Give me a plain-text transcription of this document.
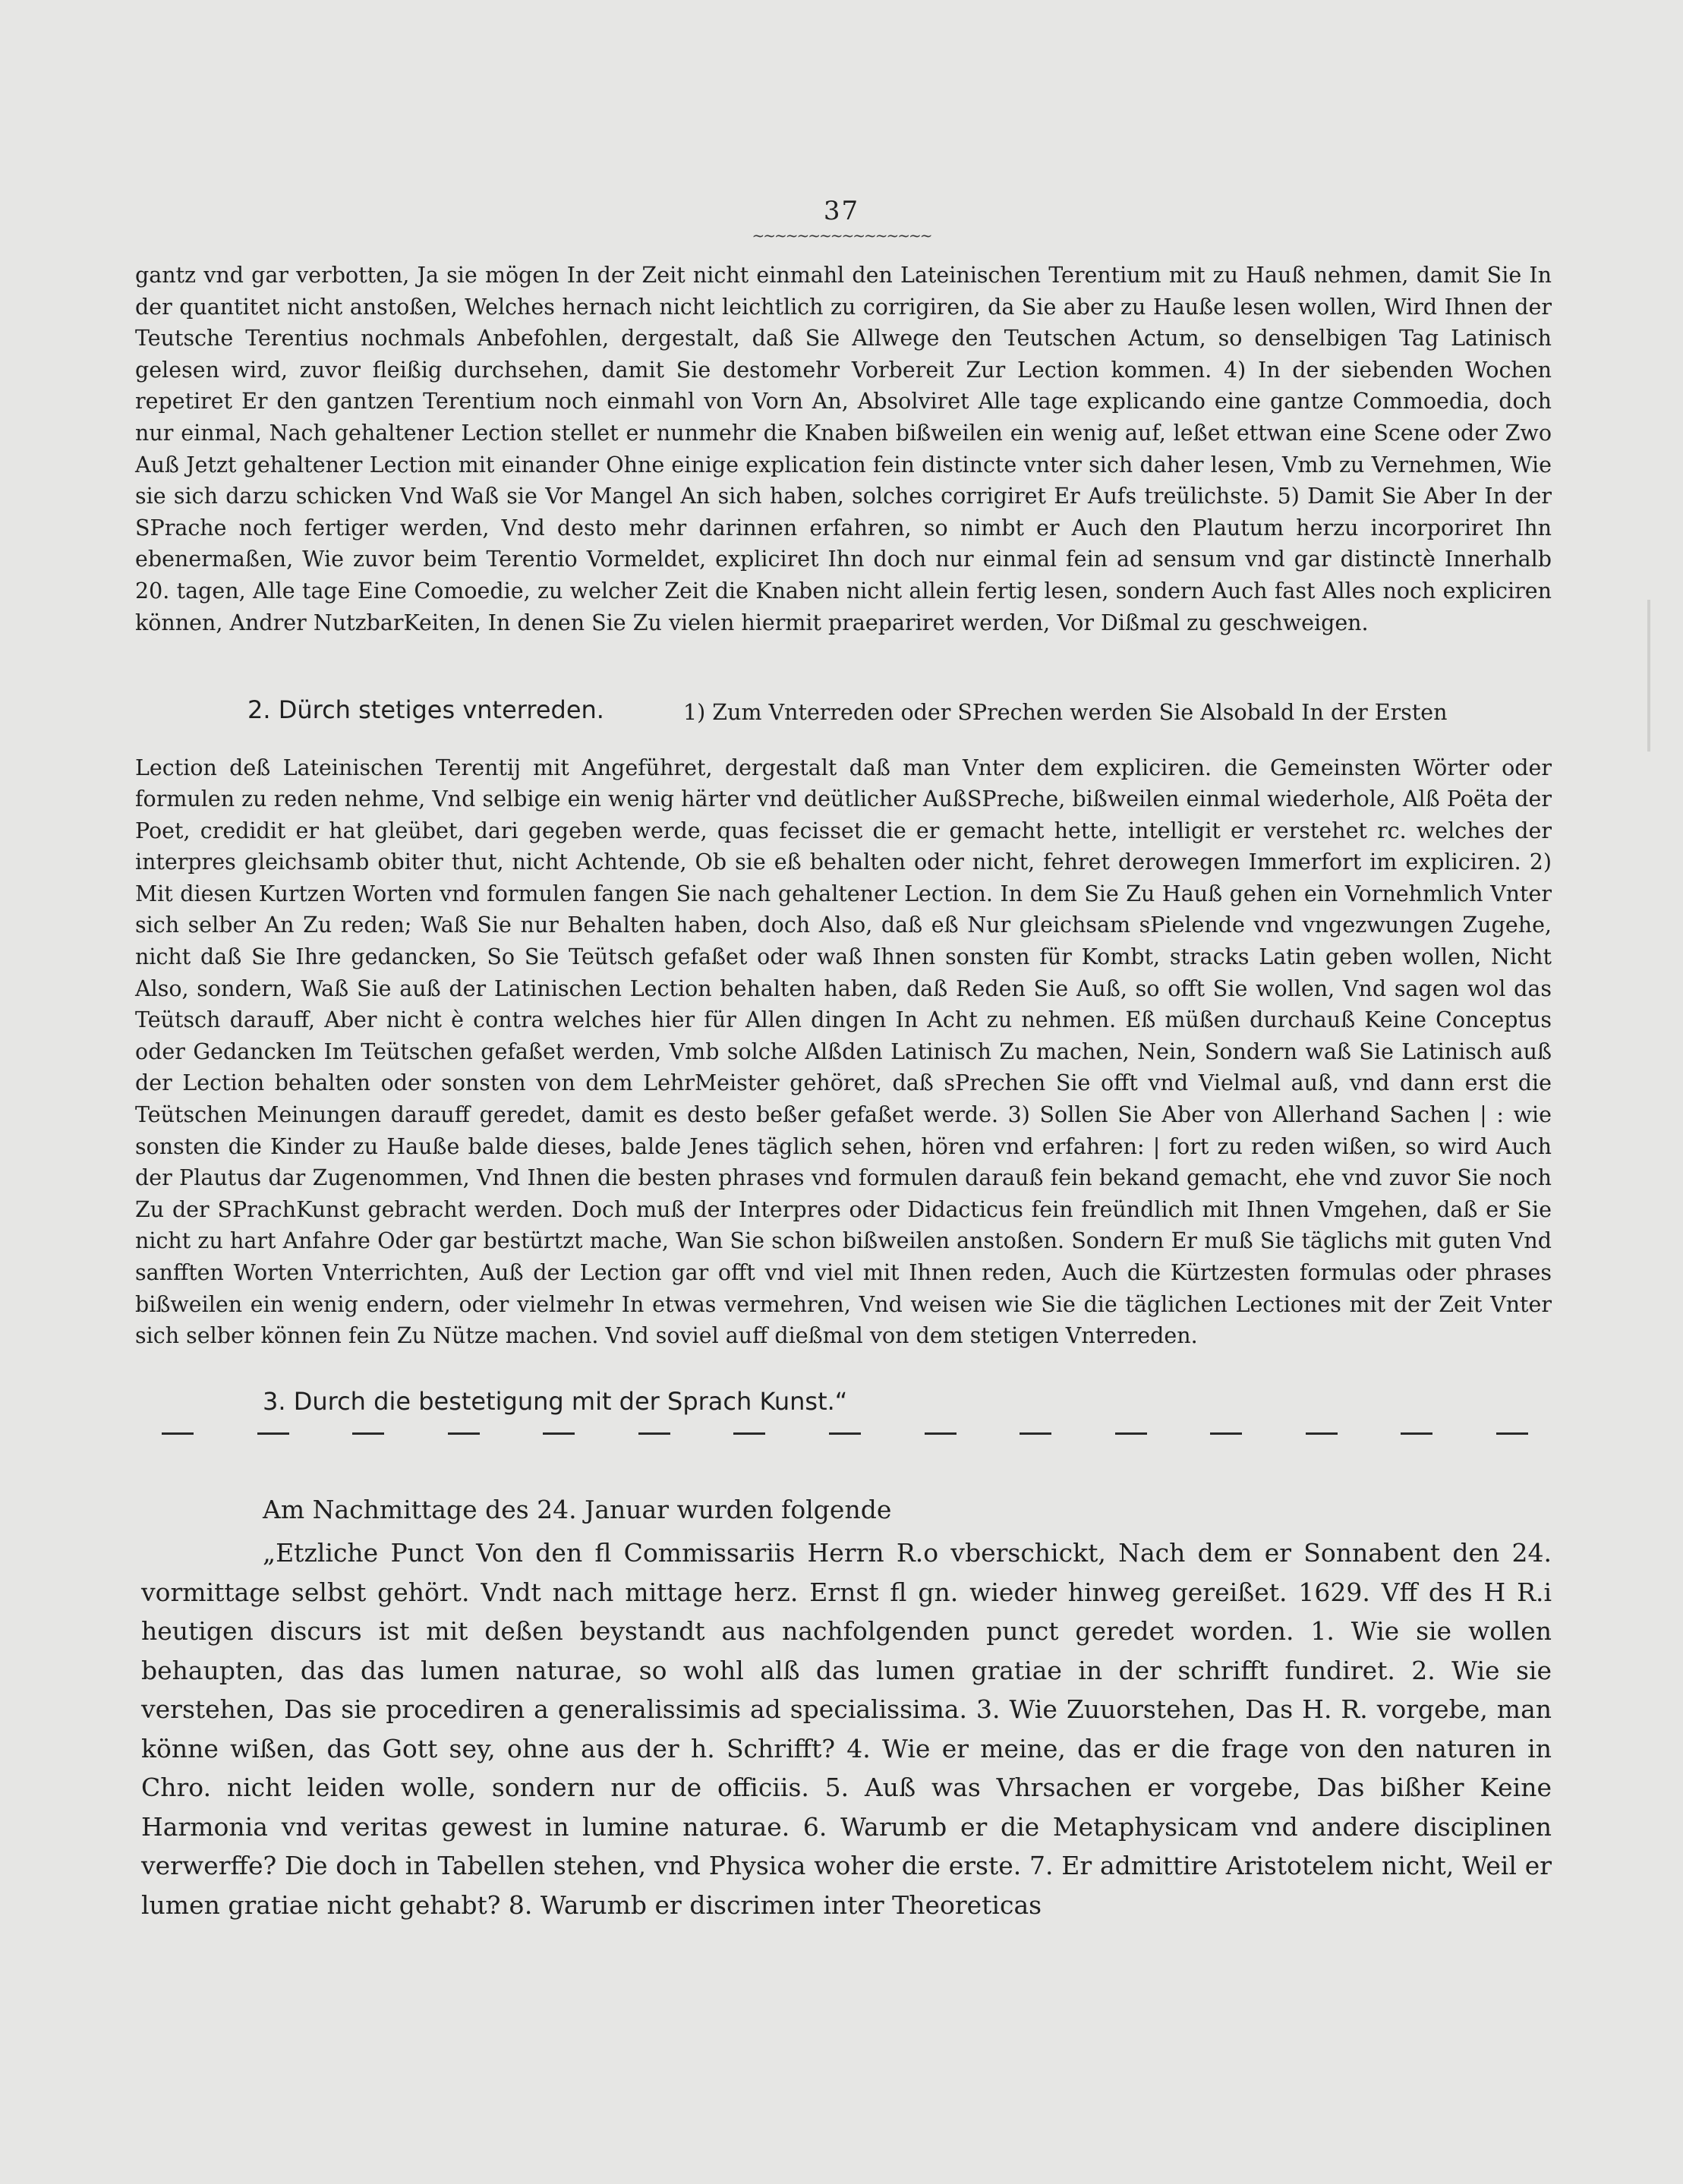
37
~~~~~~~~~~~~~~~~

gantz vnd gar verbotten, Ja sie mögen In der Zeit nicht einmahl den Lateinischen Terentium mit zu Hauß nehmen, damit Sie In der quantitet nicht anstoßen, Welches hernach nicht leichtlich zu corrigiren, da Sie aber zu Hauße lesen wollen, Wird Ihnen der Teutsche Terentius nochmals Anbefohlen, dergestalt, daß Sie Allwege den Teutschen Actum, so denselbigen Tag Latinisch gelesen wird, zuvor fleißig durchsehen, damit Sie destomehr Vorbereit Zur Lection kommen. 4) In der siebenden Wochen repetiret Er den gantzen Terentium noch einmahl von Vorn An, Absolviret Alle tage explicando eine gantze Commoedia, doch nur einmal, Nach gehaltener Lection stellet er nunmehr die Knaben bißweilen ein wenig auf, leßet ettwan eine Scene oder Zwo Auß Jetzt gehaltener Lection mit einander Ohne einige explication fein distincte vnter sich daher lesen, Vmb zu Vernehmen, Wie sie sich darzu schicken Vnd Waß sie Vor Mangel An sich haben, solches corrigiret Er Aufs treülichste. 5) Damit Sie Aber In der SPrache noch fertiger werden, Vnd desto mehr darinnen erfahren, so nimbt er Auch den Plautum herzu incorporiret Ihn ebenermaßen, Wie zuvor beim Terentio Vormeldet, expliciret Ihn doch nur einmal fein ad sensum vnd gar distinctè Innerhalb 20. tagen, Alle tage Eine Comoedie, zu welcher Zeit die Knaben nicht allein fertig lesen, sondern Auch fast Alles noch expliciren können, Andrer NutzbarKeiten, In denen Sie Zu vielen hiermit praepariret werden, Vor Dißmal zu geschweigen.

2. Dürch stetiges vnterreden.	1) Zum Vnterreden oder SPrechen werden Sie Alsobald In der Ersten

Lection deß Lateinischen Terentij mit Angeführet, dergestalt daß man Vnter dem expliciren. die Gemeinsten Wörter oder formulen zu reden nehme, Vnd selbige ein wenig härter vnd deütlicher AußSPreche, bißweilen einmal wiederhole, Alß Poëta der Poet, credidit er hat gleübet, dari gegeben werde, quas fecisset die er gemacht hette, intelligit er verstehet rc. welches der interpres gleichsamb obiter thut, nicht Achtende, Ob sie eß behalten oder nicht, fehret derowegen Immerfort im expliciren. 2) Mit diesen Kurtzen Worten vnd formulen fangen Sie nach gehaltener Lection. In dem Sie Zu Hauß gehen ein Vornehmlich Vnter sich selber An Zu reden; Waß Sie nur Behalten haben, doch Also, daß eß Nur gleichsam sPielende vnd vngezwungen Zugehe, nicht daß Sie Ihre gedancken, So Sie Teütsch gefaßet oder waß Ihnen sonsten für Kombt, stracks Latin geben wollen, Nicht Also, sondern, Waß Sie auß der Latinischen Lection behalten haben, daß Reden Sie Auß, so offt Sie wollen, Vnd sagen wol das Teütsch darauff, Aber nicht è contra welches hier für Allen dingen In Acht zu nehmen. Eß müßen durchauß Keine Conceptus oder Gedancken Im Teütschen gefaßet werden, Vmb solche Alßden Latinisch Zu machen, Nein, Sondern waß Sie Latinisch auß der Lection behalten oder sonsten von dem LehrMeister gehöret, daß sPrechen Sie offt vnd Vielmal auß, vnd dann erst die Teütschen Meinungen darauff geredet, damit es desto beßer gefaßet werde. 3) Sollen Sie Aber von Allerhand Sachen | : wie sonsten die Kinder zu Hauße balde dieses, balde Jenes täglich sehen, hören vnd erfahren: | fort zu reden wißen, so wird Auch der Plautus dar Zugenommen, Vnd Ihnen die besten phrases vnd formulen darauß fein bekand gemacht, ehe vnd zuvor Sie noch Zu der SPrachKunst gebracht werden. Doch muß der Interpres oder Didacticus fein freündlich mit Ihnen Vmgehen, daß er Sie nicht zu hart Anfahre Oder gar bestürtzt mache, Wan Sie schon bißweilen anstoßen. Sondern Er muß Sie täglichs mit guten Vnd sanfften Worten Vnterrichten, Auß der Lection gar offt vnd viel mit Ihnen reden, Auch die Kürtzesten formulas oder phrases bißweilen ein wenig endern, oder vielmehr In etwas vermehren, Vnd weisen wie Sie die täglichen Lectiones mit der Zeit Vnter sich selber können fein Zu Nütze machen. Vnd soviel auff dießmal von dem stetigen Vnterreden.

3. Durch die bestetigung mit der Sprach Kunst.“
Am Nachmittage des 24. Januar wurden folgende

„Etzliche Punct Von den fl Commissariis Herrn R.o vberschickt, Nach dem er Sonnabent den 24. vormittage selbst gehört. Vndt nach mittage herz. Ernst fl gn. wieder hinweg gereißet. 1629. Vff des H R.i heutigen discurs ist mit deßen beystandt aus nachfolgenden punct geredet worden. 1. Wie sie wollen behaupten, das das lumen naturae, so wohl alß das lumen gratiae in der schrifft fundiret. 2. Wie sie verstehen, Das sie procediren a generalissimis ad specialissima. 3. Wie Zuuorstehen, Das H. R. vorgebe, man könne wißen, das Gott sey, ohne aus der h. Schrifft? 4. Wie er meine, das er die frage von den naturen in Chro. nicht leiden wolle, sondern nur de officiis. 5. Auß was Vhrsachen er vorgebe, Das bißher Keine Harmonia vnd veritas gewest in lumine naturae. 6. Warumb er die Metaphysicam vnd andere disciplinen verwerffe? Die doch in Tabellen stehen, vnd Physica woher die erste. 7. Er admittire Aristotelem nicht, Weil er lumen gratiae nicht gehabt? 8. Warumb er discrimen inter Theoreticas
